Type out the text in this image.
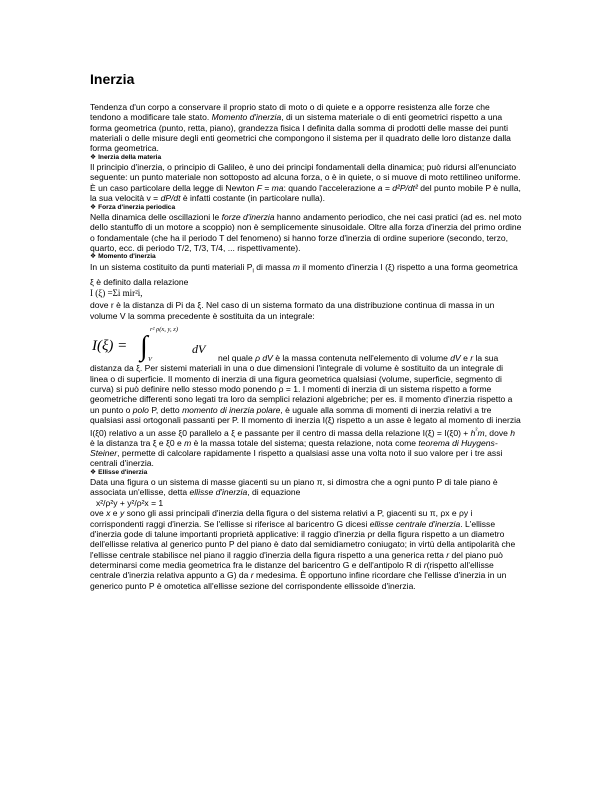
Inerzia

Tendenza d'un corpo a conservare il proprio stato di moto o di quiete e a opporre resistenza alle forze che tendono a modificare tale stato. Momento d'inerzia, di un sistema materiale o di enti geometrici rispetto a una forma geometrica (punto, retta, piano), grandezza fisica I definita dalla somma di prodotti delle masse dei punti materiali o delle misure degli enti geometrici che compongono il sistema per il quadrato delle loro distanze dalla forma geometrica.

❖ Inerzia della materia

Il principio d'inerzia, o principio di Galileo, è uno dei principi fondamentali della dinamica; può ridursi all'enunciato seguente: un punto materiale non sottoposto ad alcuna forza, o è in quiete, o si muove di moto rettilineo uniforme. È un caso particolare della legge di Newton F = ma: quando l'accelerazione a = d²P/dt² del punto mobile P è nulla, la sua velocità v = dP/dt è infatti costante (in particolare nulla).

❖ Forza d'inerzia periodica

Nella dinamica delle oscillazioni le forze d'inerzia hanno andamento periodico, che nei casi pratici (ad es. nel moto dello stantuffo di un motore a scoppio) non è semplicemente sinusoidale. Oltre alla forza d'inerzia del primo ordine o fondamentale (che ha il periodo T del fenomeno) si hanno forze d'inerzia di ordine superiore (secondo, terzo, quarto, ecc. di periodo T/2, T/3, T/4, ... rispettivamente).

❖ Momento d'inerzia

In un sistema costituito da punti materiali $P_i$ di massa m il momento d'inerzia I (ξ) rispetto a una forma geometrica ξ è definito dalla relazione

I (ξ) =Σi mir²i,

dove r è la distanza di Pi da ξ. Nel caso di un sistema formato da una distribuzione continua di massa in un volume V la somma precedente è sostituita da un integrale:

I(ξ) = ∫
r² ρ(x, y, z)
V
dV

nel quale ρ dV è la massa contenuta nell'elemento di volume dV e r la sua distanza da ξ. Per sistemi materiali in una o due dimensioni l'integrale di volume è sostituito da un integrale di linea o di superficie. Il momento di inerzia di una figura geometrica qualsiasi (volume, superficie, segmento di curva) si può definire nello stesso modo ponendo ρ = 1. I momenti di inerzia di un sistema rispetto a forme geometriche differenti sono legati tra loro da semplici relazioni algebriche; per es. il momento d'inerzia rispetto a un punto o polo P, detto momento di inerzia polare, è uguale alla somma di momenti di inerzia relativi a tre qualsiasi assi ortogonali passanti per P. Il momento di inerzia I(ξ) rispetto a un asse è legato al momento di inerzia I(ξ0) relativo a un asse ξ0 parallelo a ξ e passante per il centro di massa della relazione $I(\xi) = I(\xi 0) + h^{^2}m$, dove h è la distanza tra ξ e ξ0 e m è la massa totale del sistema; questa relazione, nota come teorema di Huygens-Steiner, permette di calcolare rapidamente I rispetto a qualsiasi asse una volta noto il suo valore per i tre assi centrali d'inerzia.

❖ Ellisse d'inerzia

Data una figura o un sistema di masse giacenti su un piano π, si dimostra che a ogni punto P di tale piano è associata un'ellisse, detta ellisse d'inerzia, di equazione

x²/ρ²y + y²/ρ²x = 1

ove x e y sono gli assi principali d'inerzia della figura o del sistema relativi a P, giacenti su π, ρx e ρy i corrispondenti raggi d'inerzia. Se l'ellisse si riferisce al baricentro G dicesi ellisse centrale d'inerzia. L'ellisse d'inerzia gode di talune importanti proprietà applicative: il raggio d'inerzia ρr della figura rispetto a un diametro dell'ellisse relativa al generico punto P del piano è dato dal semidiametro coniugato; in virtù della antipolarità che l'ellisse centrale stabilisce nel piano il raggio d'inerzia della figura rispetto a una generica retta r del piano può determinarsi come media geometrica fra le distanze del baricentro G e dell'antipolo R di r(rispetto all'ellisse centrale d'inerzia relativa appunto a G) da r medesima. È opportuno infine ricordare che l'ellisse d'inerzia in un generico punto P è omotetica all'ellisse sezione del corrispondente ellissoide d'inerzia.
